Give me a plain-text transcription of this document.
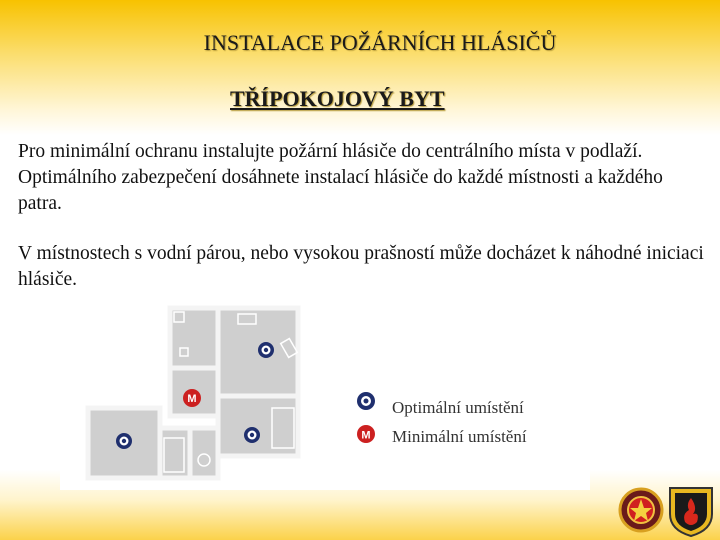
INSTALACE POŽÁRNÍCH HLÁSIČŮ
TŘÍPOKOJOVÝ BYT
Pro minimální ochranu instalujte požární hlásiče do centrálního místa v podlaží. Optimálního zabezpečení dosáhnete instalací hlásiče do každé místnosti a každého patra.
V místnostech s vodní párou, nebo vysokou prašností může docházet k náhodné iniciaci hlásiče.
M	Optimální umístění
M Minimální umístění
